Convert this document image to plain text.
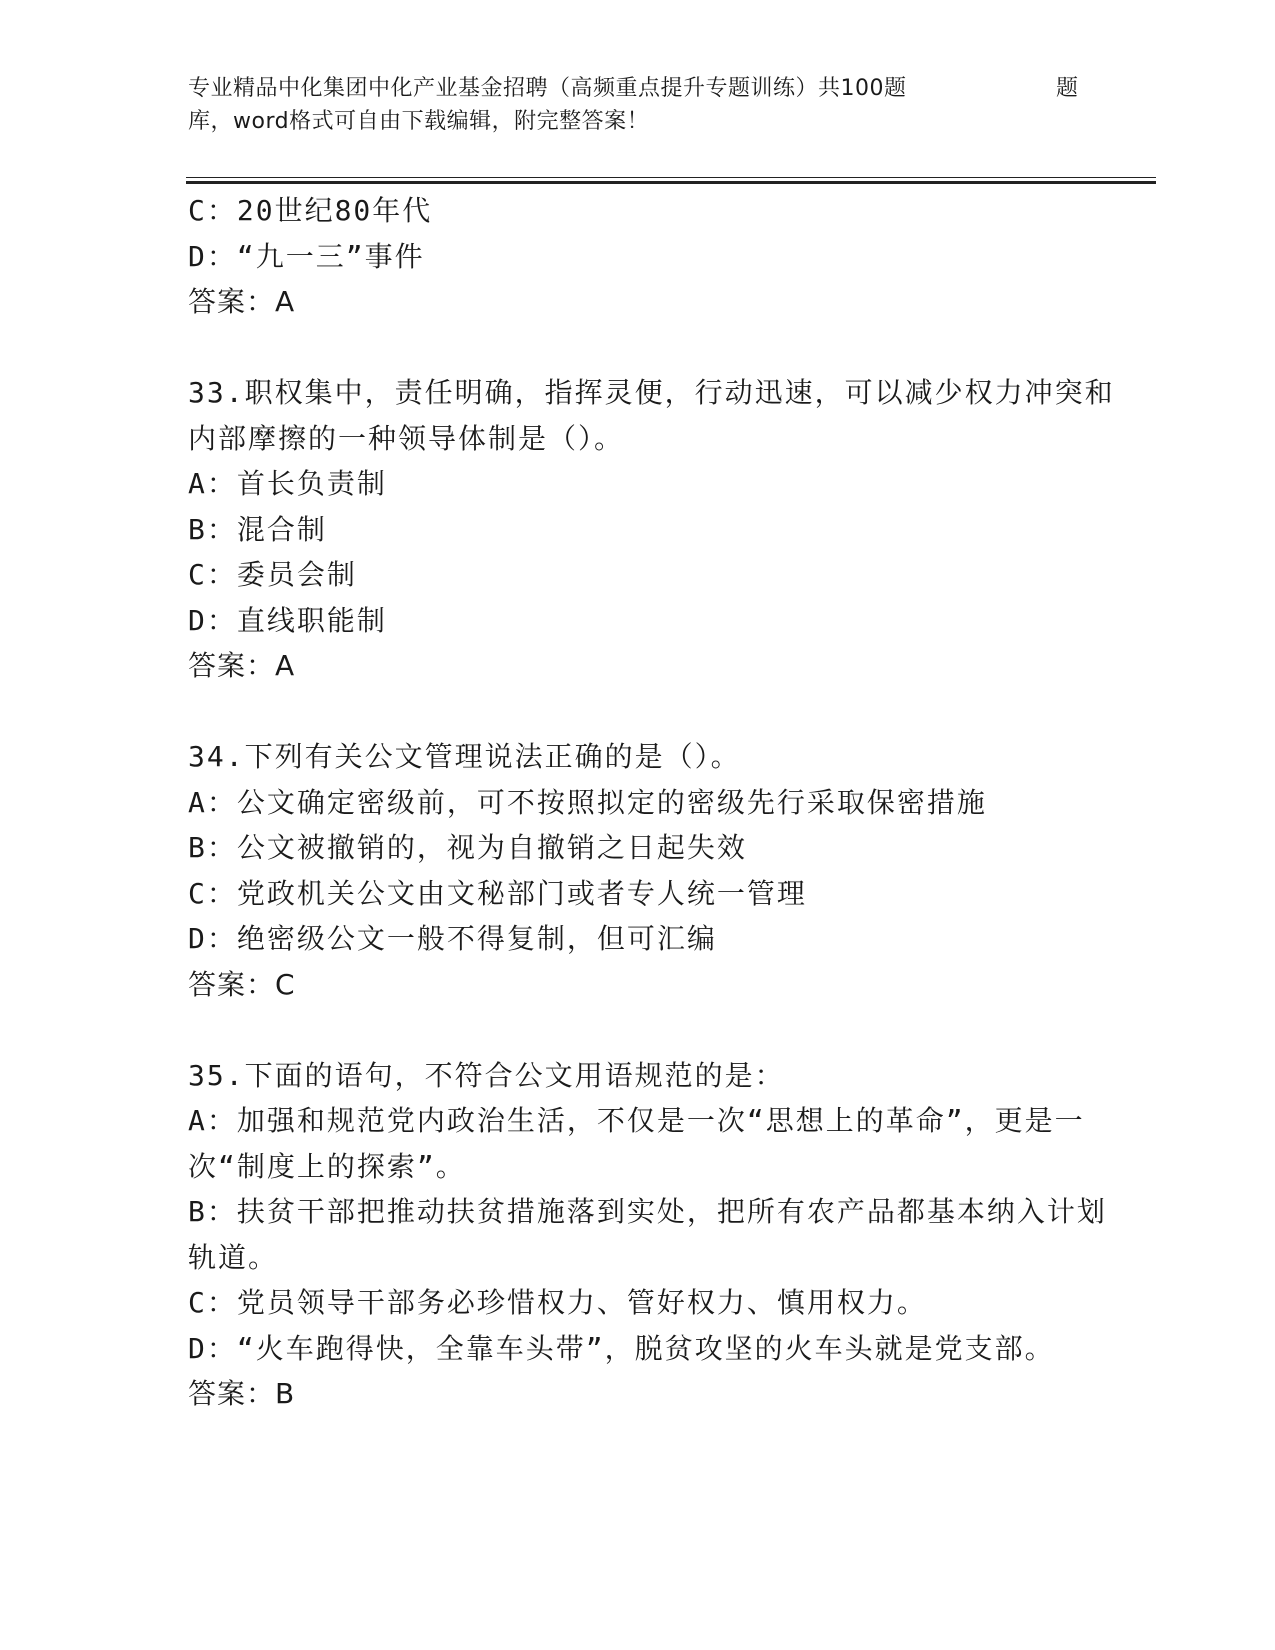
专业精品中化集团中化产业基金招聘（高频重点提升专题训练）共100题	题
库，word格式可自由下载编辑，附完整答案！
C：20世纪80年代
D：“九一三”事件
答案：A
33.职权集中，责任明确，指挥灵便，行动迅速，可以减少权力冲突和
内部摩擦的一种领导体制是（）。
A：首长负责制
B：混合制
C：委员会制
D：直线职能制
答案：A
34.下列有关公文管理说法正确的是（）。
A：公文确定密级前，可不按照拟定的密级先行采取保密措施
B：公文被撤销的，视为自撤销之日起失效
C：党政机关公文由文秘部门或者专人统一管理
D：绝密级公文一般不得复制，但可汇编
答案：C
35.下面的语句，不符合公文用语规范的是：
A：加强和规范党内政治生活，不仅是一次“思想上的革命”，更是一
次“制度上的探索”。
B：扶贫干部把推动扶贫措施落到实处，把所有农产品都基本纳入计划
轨道。
C：党员领导干部务必珍惜权力、管好权力、慎用权力。
D：“火车跑得快，全靠车头带”，脱贫攻坚的火车头就是党支部。
答案：B
